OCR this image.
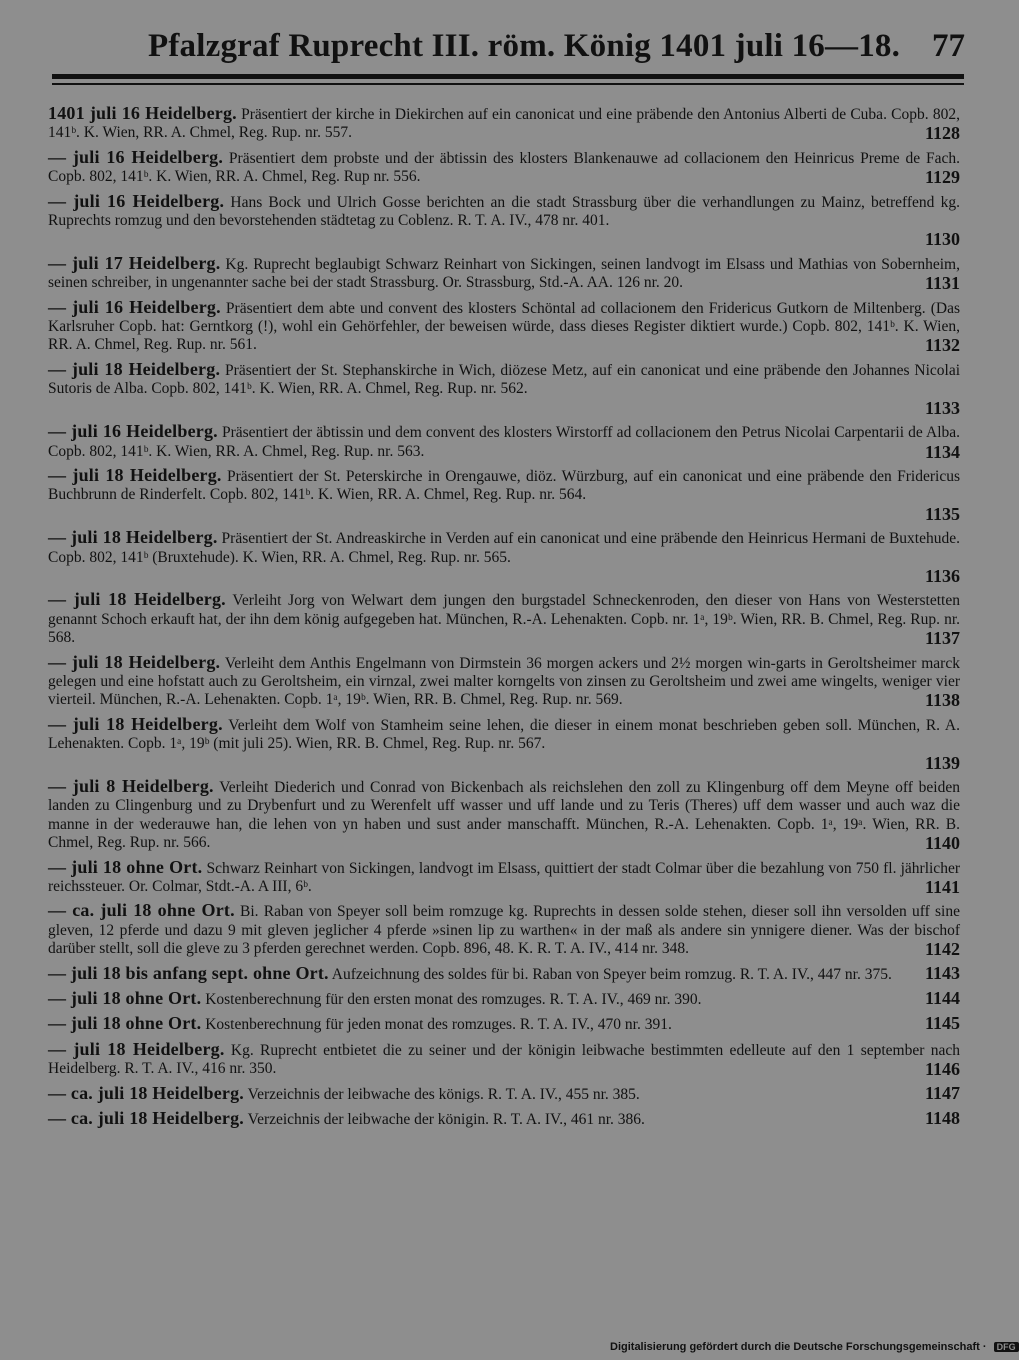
Pfalzgraf Ruprecht III. röm. König 1401 juli 16—18. 77
1401 juli 16 Heidelberg. Präsentiert der kirche in Diekirchen auf ein canonicat und eine präbende den Antonius Alberti de Cuba. Copb. 802, 141ᵇ. K. Wien, RR. A. Chmel, Reg. Rup. nr. 557.	1128
— juli 16 Heidelberg. Präsentiert dem probste und der äbtissin des klosters Blankenauwe ad collacionem den Heinricus Preme de Fach. Copb. 802, 141ᵇ. K. Wien, RR. A. Chmel, Reg. Rup nr. 556.	1129
— juli 16 Heidelberg. Hans Bock und Ulrich Gosse berichten an die stadt Strassburg über die verhandlungen zu Mainz, betreffend kg. Ruprechts romzug und den bevorstehenden städtetag zu Coblenz. R. T. A. IV., 478 nr. 401.
1130
— juli 17 Heidelberg. Kg. Ruprecht beglaubigt Schwarz Reinhart von Sickingen, seinen landvogt im Elsass und Mathias von Sobernheim, seinen schreiber, in ungenannter sache bei der stadt Strassburg. Or. Strassburg, Std.-A. AA. 126 nr. 20.	1131
— juli 16 Heidelberg. Präsentiert dem abte und convent des klosters Schöntal ad collacionem den Fridericus Gutkorn de Miltenberg. (Das Karlsruher Copb. hat: Gerntkorg (!), wohl ein Gehörfehler, der beweisen würde, dass dieses Register diktiert wurde.) Copb. 802, 141ᵇ. K. Wien, RR. A. Chmel, Reg. Rup. nr. 561.	1132
— juli 18 Heidelberg. Präsentiert der St. Stephanskirche in Wich, diözese Metz, auf ein canonicat und eine präbende den Johannes Nicolai Sutoris de Alba. Copb. 802, 141ᵇ. K. Wien, RR. A. Chmel, Reg. Rup. nr. 562.
1133
— juli 16 Heidelberg. Präsentiert der äbtissin und dem convent des klosters Wirstorff ad collacionem den Petrus Nicolai Carpentarii de Alba. Copb. 802, 141ᵇ. K. Wien, RR. A. Chmel, Reg. Rup. nr. 563.	1134
— juli 18 Heidelberg. Präsentiert der St. Peterskirche in Orengauwe, diöz. Würzburg, auf ein canonicat und eine präbende den Fridericus Buchbrunn de Rinderfelt. Copb. 802, 141ᵇ. K. Wien, RR. A. Chmel, Reg. Rup. nr. 564.
1135
— juli 18 Heidelberg. Präsentiert der St. Andreaskirche in Verden auf ein canonicat und eine präbende den Heinricus Hermani de Buxtehude. Copb. 802, 141ᵇ (Bruxtehude). K. Wien, RR. A. Chmel, Reg. Rup. nr. 565.
1136
— juli 18 Heidelberg. Verleiht Jorg von Welwart dem jungen den burgstadel Schneckenroden, den dieser von Hans von Westerstetten genannt Schoch erkauft hat, der ihn dem könig aufgegeben hat. München, R.-A. Lehenakten. Copb. nr. 1ᵃ, 19ᵇ. Wien, RR. B. Chmel, Reg. Rup. nr. 568.	1137
— juli 18 Heidelberg. Verleiht dem Anthis Engelmann von Dirmstein 36 morgen ackers und 2½ morgen win-garts in Geroltsheimer marck gelegen und eine hofstatt auch zu Geroltsheim, ein virnzal, zwei malter korngelts von zinsen zu Geroltsheim und zwei ame wingelts, weniger vier vierteil. München, R.-A. Lehenakten. Copb. 1ᵃ, 19ᵇ. Wien, RR. B. Chmel, Reg. Rup. nr. 569.	1138
— juli 18 Heidelberg. Verleiht dem Wolf von Stamheim seine lehen, die dieser in einem monat beschrieben geben soll. München, R. A. Lehenakten. Copb. 1ᵃ, 19ᵇ (mit juli 25). Wien, RR. B. Chmel, Reg. Rup. nr. 567.
1139
— juli 8 Heidelberg. Verleiht Diederich und Conrad von Bickenbach als reichslehen den zoll zu Klingenburg off dem Meyne off beiden landen zu Clingenburg und zu Drybenfurt und zu Werenfelt uff wasser und uff lande und zu Teris (Theres) uff dem wasser und auch waz die manne in der wederauwe han, die lehen von yn haben und sust ander manschafft. München, R.-A. Lehenakten. Copb. 1ᵃ, 19ᵃ. Wien, RR. B. Chmel, Reg. Rup. nr. 566.	1140
— juli 18 ohne Ort. Schwarz Reinhart von Sickingen, landvogt im Elsass, quittiert der stadt Colmar über die bezahlung von 750 fl. jährlicher reichssteuer. Or. Colmar, Stdt.-A. A III, 6ᵇ.	1141
— ca. juli 18 ohne Ort. Bi. Raban von Speyer soll beim romzuge kg. Ruprechts in dessen solde stehen, dieser soll ihn versolden uff sine gleven, 12 pferde und dazu 9 mit gleven jeglicher 4 pferde »sinen lip zu warthen« in der maß als andere sin ynnigere diener. Was der bischof darüber stellt, soll die gleve zu 3 pferden gerechnet werden. Copb. 896, 48. K. R. T. A. IV., 414 nr. 348.	1142
— juli 18 bis anfang sept. ohne Ort. Aufzeichnung des soldes für bi. Raban von Speyer beim romzug. R. T. A. IV., 447 nr. 375. 1143
— juli 18 ohne Ort. Kostenberechnung für den ersten monat des romzuges. R. T. A. IV., 469 nr. 390.	1144
— juli 18 ohne Ort. Kostenberechnung für jeden monat des romzuges. R. T. A. IV., 470 nr. 391.	1145
— juli 18 Heidelberg. Kg. Ruprecht entbietet die zu seiner und der königin leibwache bestimmten edelleute auf den 1 september nach Heidelberg. R. T. A. IV., 416 nr. 350.	1146
— ca. juli 18 Heidelberg. Verzeichnis der leibwache des königs. R. T. A. IV., 455 nr. 385.	1147
— ca. juli 18 Heidelberg. Verzeichnis der leibwache der königin. R. T. A. IV., 461 nr. 386.	1148
Digitalisierung gefördert durch die Deutsche Forschungsgemeinschaft · DFG
